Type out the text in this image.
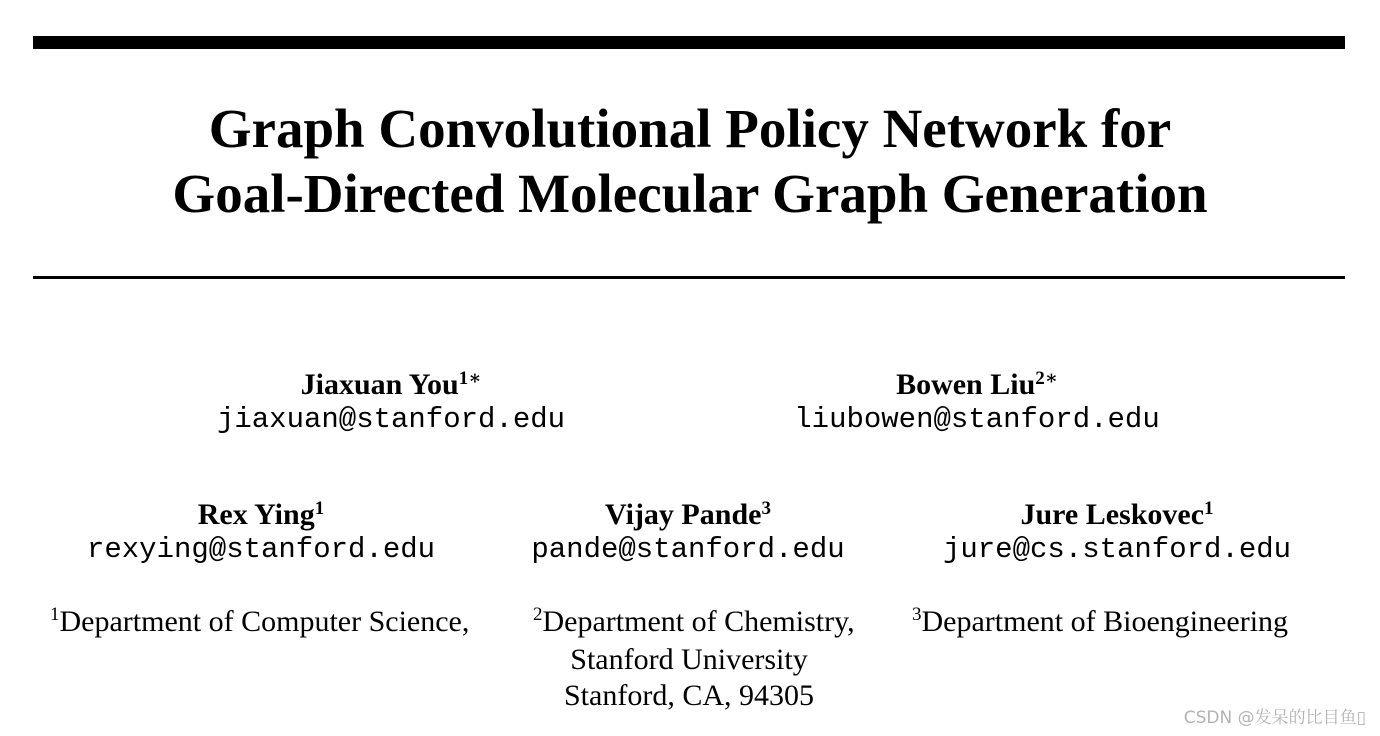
Graph Convolutional Policy Network for
Goal-Directed Molecular Graph Generation
Jiaxuan You$^{1∗}$
jiaxuan@stanford.edu
Bowen Liu$^{2∗}$
liubowen@stanford.edu
Rex Ying$^1$
rexying@stanford.edu
Vijay Pande$^3$
pande@stanford.edu
Jure Leskovec$^1$
jure@cs.stanford.edu
$^1$Department of Computer Science,	$^2$Department of Chemistry,	$^3$Department of Bioengineering
Stanford University
Stanford, CA, 94305
CSDN @发呆的比目鱼▯
